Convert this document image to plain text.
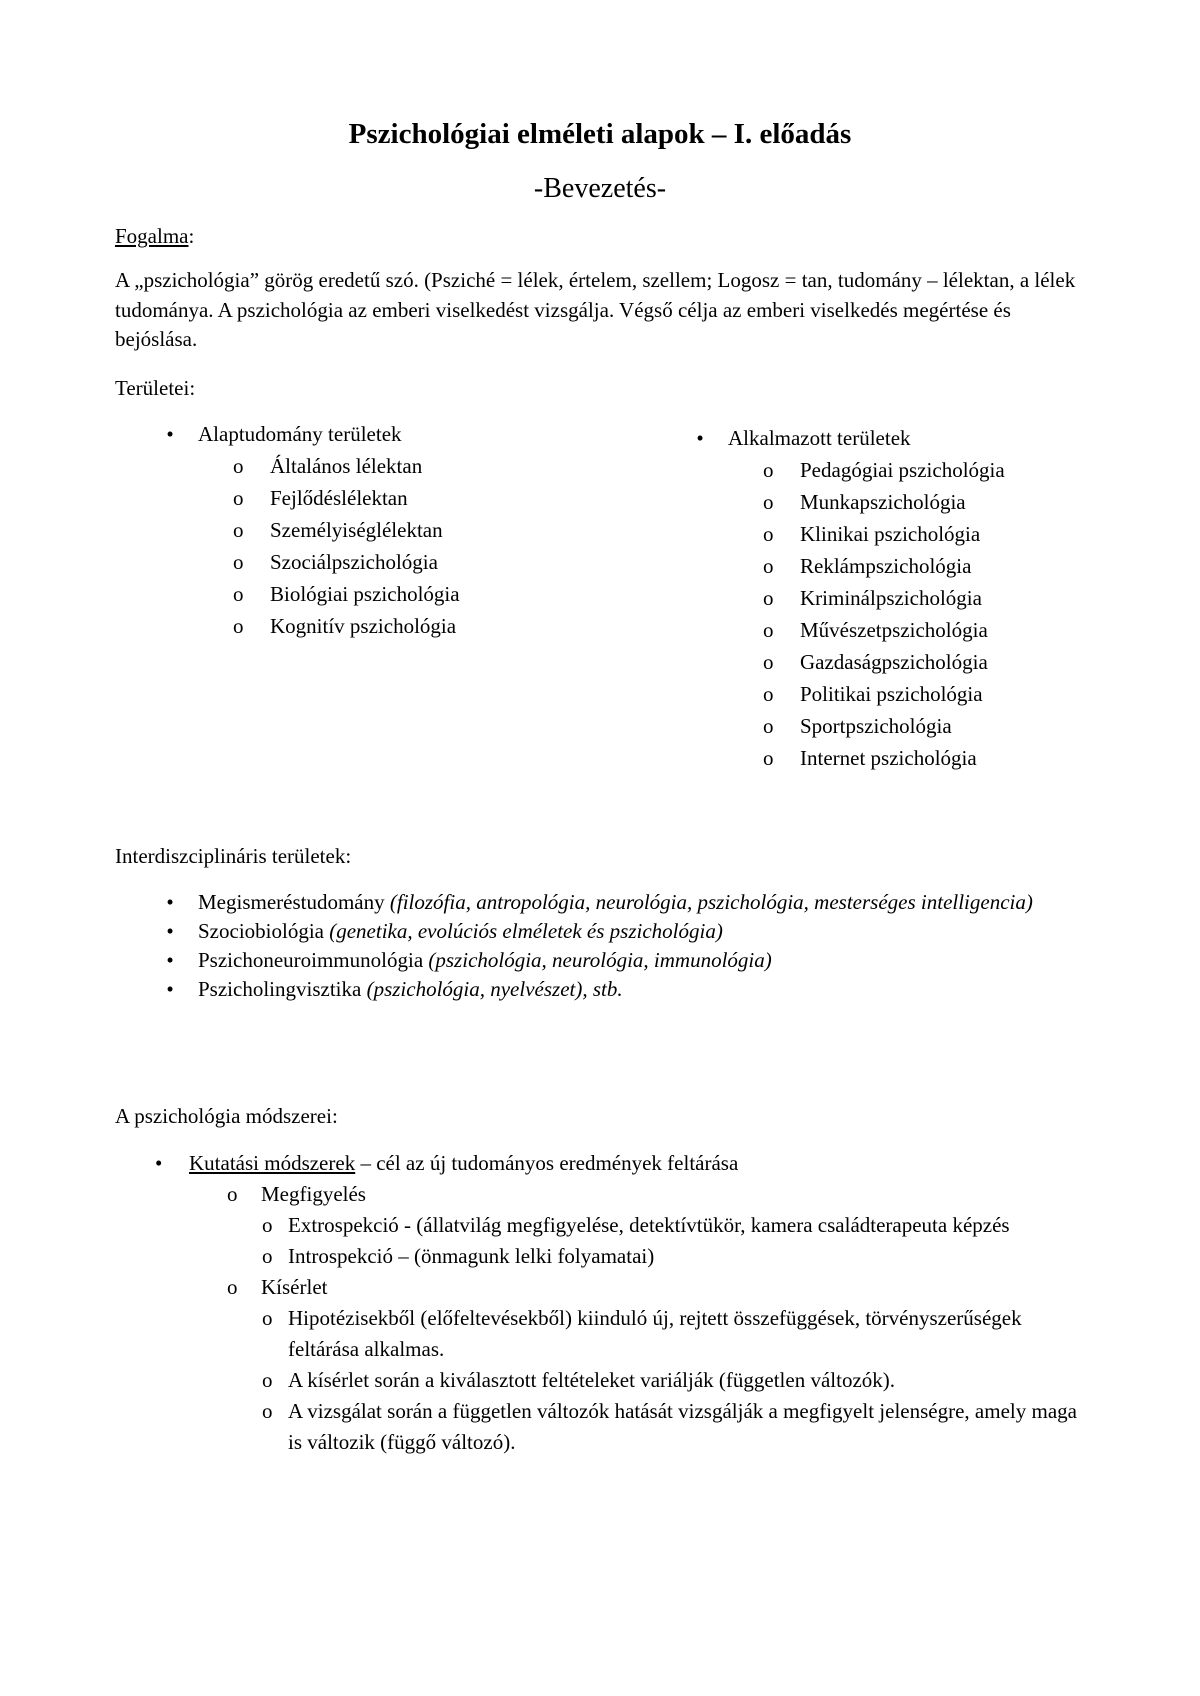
Pszichológiai elméleti alapok – I. előadás
-Bevezetés-
Fogalma:
A „pszichológia” görög eredetű szó. (Psziché = lélek, értelem, szellem; Logosz = tan, tudomány – lélektan, a lélek tudománya. A pszichológia az emberi viselkedést vizsgálja. Végső célja az emberi viselkedés megértése és bejóslása.
Területei:
•	Alaptudomány területek
o Általános lélektan
o Fejlődéslélektan
o Személyiséglélektan
o Szociálpszichológia
o Biológiai pszichológia
o Kognitív pszichológia
•	Alkalmazott területek
o Pedagógiai pszichológia
o Munkapszichológia
o Klinikai pszichológia
o Reklámpszichológia
o Kriminálpszichológia
o Művészetpszichológia
o Gazdaságpszichológia
o Politikai pszichológia
o Sportpszichológia
o Internet pszichológia
Interdiszciplináris területek:
•	Megismeréstudomány (filozófia, antropológia, neurológia, pszichológia, mesterséges intelligencia)
•	Szociobiológia (genetika, evolúciós elméletek és pszichológia)
•	Pszichoneuroimmunológia (pszichológia, neurológia, immunológia)
•	Pszicholingvisztika (pszichológia, nyelvészet), stb.
A pszichológia módszerei:
• Kutatási módszerek – cél az új tudományos eredmények feltárása
o Megfigyelés
o Extrospekció - (állatvilág megfigyelése, detektívtükör, kamera családterapeuta képzés
o Introspekció – (önmagunk lelki folyamatai)
o Kísérlet
o Hipotézisekből (előfeltevésekből) kiinduló új, rejtett összefüggések, törvényszerűségek feltárása alkalmas.
o A kísérlet során a kiválasztott feltételeket variálják (független változók).
o A vizsgálat során a független változók hatását vizsgálják a megfigyelt jelenségre, amely maga is változik (függő változó).
